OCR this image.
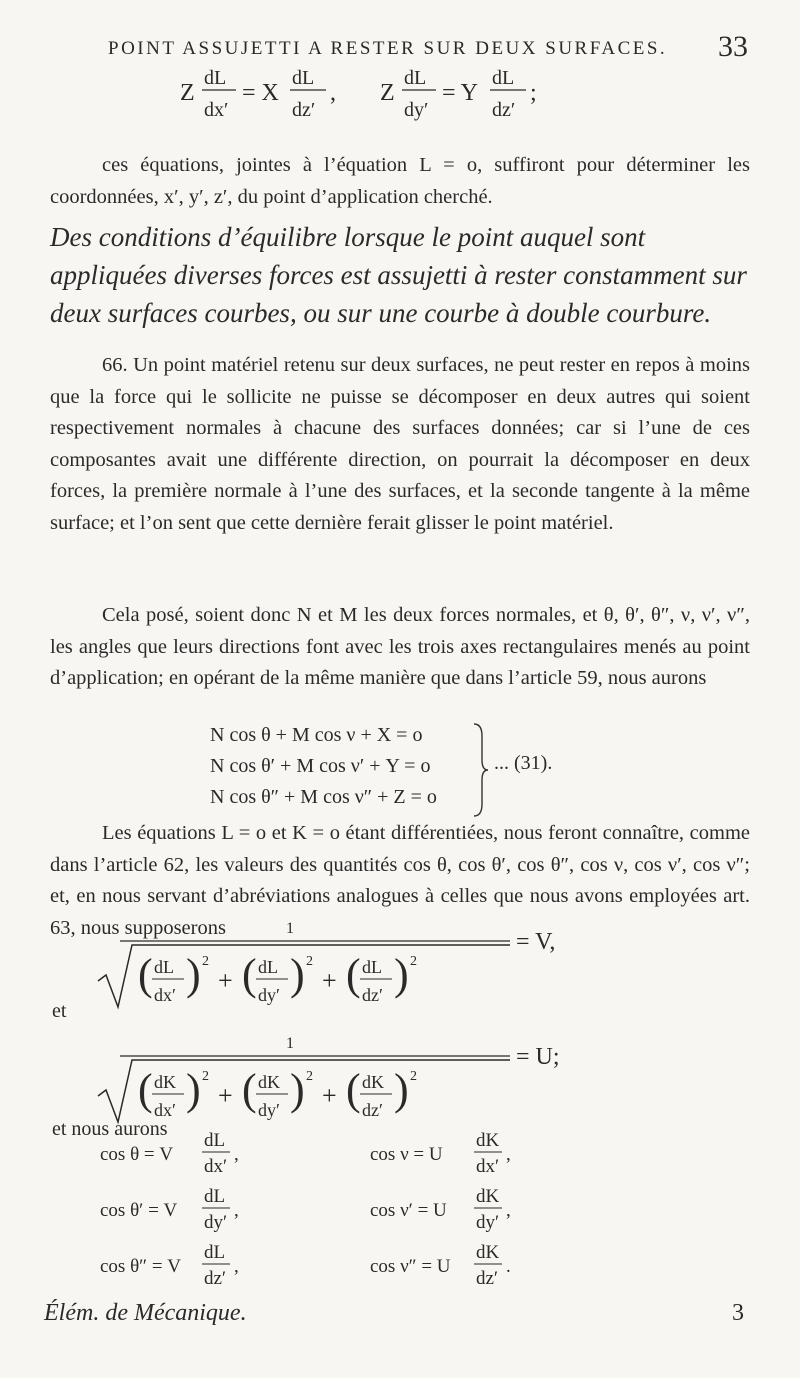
POINT ASSUJETTI A RESTER SUR DEUX SURFACES. 33
Z
dL
dx′
= X
dL
dz′
, Z
dL
dy′
= Y
dL
dz′
;
ces équations, jointes à l’équation L = o, suffiront pour déterminer les coordonnées, x′, y′, z′, du point d’application cherché.
Des conditions d’équilibre lorsque le point auquel sont appliquées diverses forces est assujetti à rester constamment sur deux surfaces courbes, ou sur une courbe à double courbure.
66. Un point matériel retenu sur deux surfaces, ne peut rester en repos à moins que la force qui le sollicite ne puisse se décomposer en deux autres qui soient respectivement normales à chacune des surfaces données; car si l’une de ces composantes avait une différente direction, on pourrait la décomposer en deux forces, la première normale à l’une des surfaces, et la seconde tangente à la même surface; et l’on sent que cette dernière ferait glisser le point matériel.
Cela posé, soient donc N et M les deux forces normales, et θ, θ′, θ″, ν, ν′, ν″, les angles que leurs directions font avec les trois axes rectangulaires menés au point d’application; en opérant de la même manière que dans l’article 59, nous aurons
N cos θ + M cos ν + X = o
N cos θ′ + M cos ν′ + Y = o
N cos θ″ + M cos ν″ + Z = o
... (31).
Les équations L = o et K = o étant différentiées, nous feront connaître, comme dans l’article 62, les valeurs des quantités cos θ, cos θ′, cos θ″, cos ν, cos ν′, cos ν″; et, en nous servant d’abréviations analogues à celles que nous avons employées art. 63, nous supposerons	1
( dL
dx′ ) 2
+ ( dL
dy′ ) 2
+ ( dL
dz′ ) 2
= V,
et
1
( dK
dx′ ) 2
+ ( dK
dy′ ) 2
+ ( dK
dz′ ) 2
= U;
et nous aurons
cos θ = V
dL
dx′
,
cos θ′ = V
dL
dy′
,
cos θ″ = V
dL
dz′
,
cos ν = U
dK
dx′
,
cos ν′ = U
dK
dy′
,
cos ν″ = U
dK
dz′
.
Élém. de Mécanique.	3
